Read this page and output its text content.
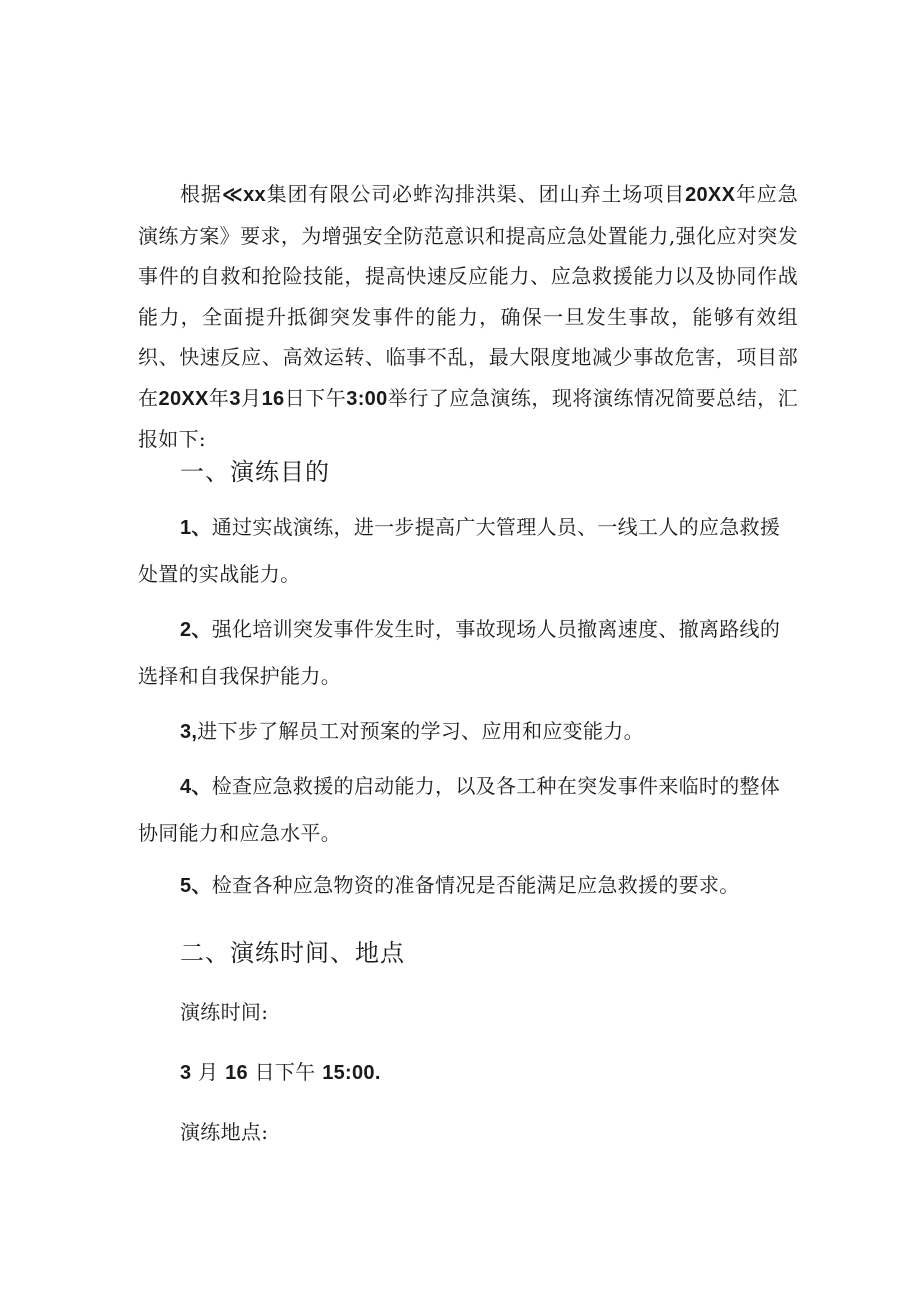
根据≪xx集团有限公司必蚱沟排洪渠、团山弃土场项目20XX年应急演练方案》要求，为增强安全防范意识和提高应急处置能力,强化应对突发事件的自救和抢险技能，提高快速反应能力、应急救援能力以及协同作战能力，全面提升抵御突发事件的能力，确保一旦发生事故，能够有效组织、快速反应、高效运转、临事不乱，最大限度地减少事故危害，项目部在20XX年3月16日下午3:00举行了应急演练，现将演练情况简要总结，汇报如下:

一、演练目的

1、通过实战演练，进一步提高广大管理人员、一线工人的应急救援处置的实战能力。

2、强化培训突发事件发生时，事故现场人员撤离速度、撤离路线的选择和自我保护能力。

3,进下步了解员工对预案的学习、应用和应变能力。

4、检查应急救援的启动能力，以及各工种在突发事件来临时的整体协同能力和应急水平。

5、检查各种应急物资的准备情况是否能满足应急救援的要求。

二、演练时间、地点

演练时间:

3 月 16 日下午 15:00.

演练地点:
